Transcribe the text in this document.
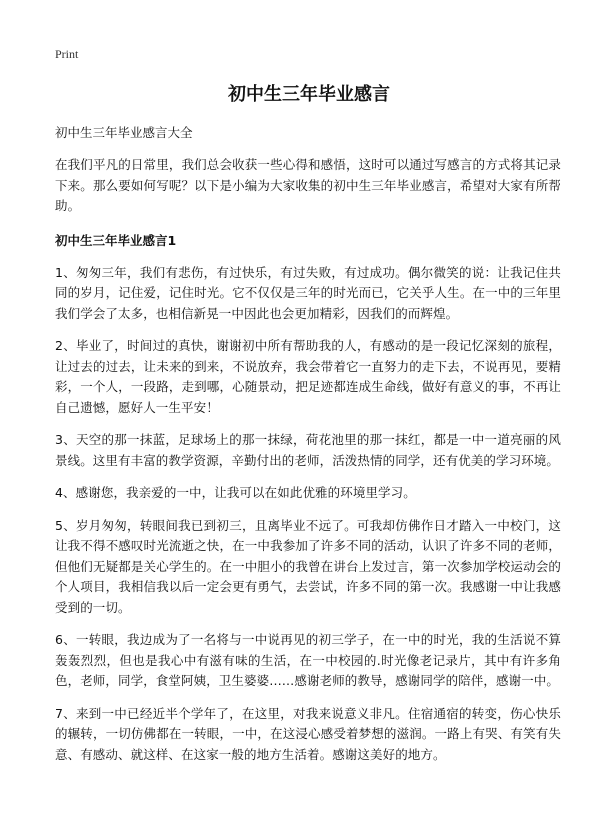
Print
初中生三年毕业感言
初中生三年毕业感言大全
在我们平凡的日常里，我们总会收获一些心得和感悟，这时可以通过写感言的方式将其记录下来。那么要如何写呢？以下是小编为大家收集的初中生三年毕业感言，希望对大家有所帮助。
初中生三年毕业感言1
1、匆匆三年，我们有悲伤，有过快乐，有过失败，有过成功。偶尔微笑的说：让我记住共同的岁月，记住爱，记住时光。它不仅仅是三年的时光而已，它关乎人生。在一中的三年里我们学会了太多，也相信新晃一中因此也会更加精彩，因我们的而辉煌。
2、毕业了，时间过的真快，谢谢初中所有帮助我的人，有感动的是一段记忆深刻的旅程，让过去的过去，让未来的到来，不说放弃，我会带着它一直努力的走下去，不说再见，要精彩，一个人，一段路，走到哪，心随景动，把足迹都连成生命线，做好有意义的事，不再让自己遗憾，愿好人一生平安！
3、天空的那一抹蓝，足球场上的那一抹绿，荷花池里的那一抹红，都是一中一道亮丽的风景线。这里有丰富的教学资源，辛勤付出的老师，活泼热情的同学，还有优美的学习环境。
4、感谢您，我亲爱的一中，让我可以在如此优雅的环境里学习。
5、岁月匆匆，转眼间我已到初三，且离毕业不远了。可我却仿佛作日才踏入一中校门，这让我不得不感叹时光流逝之快，在一中我参加了许多不同的活动，认识了许多不同的老师，但他们无疑都是关心学生的。在一中胆小的我曾在讲台上发过言，第一次参加学校运动会的个人项目，我相信我以后一定会更有勇气，去尝试，许多不同的第一次。我感谢一中让我感受到的一切。
6、一转眼，我边成为了一名将与一中说再见的初三学子，在一中的时光，我的生活说不算轰轰烈烈，但也是我心中有滋有味的生活，在一中校园的.时光像老记录片，其中有许多角色，老师，同学，食堂阿姨，卫生婆婆……感谢老师的教导，感谢同学的陪伴，感谢一中。
7、来到一中已经近半个学年了，在这里，对我来说意义非凡。住宿通宿的转变，伤心快乐的辗转，一切仿佛都在一转眼，一中，在这浸心感受着梦想的滋润。一路上有哭、有笑有失意、有感动、就这样、在这家一般的地方生活着。感谢这美好的地方。
